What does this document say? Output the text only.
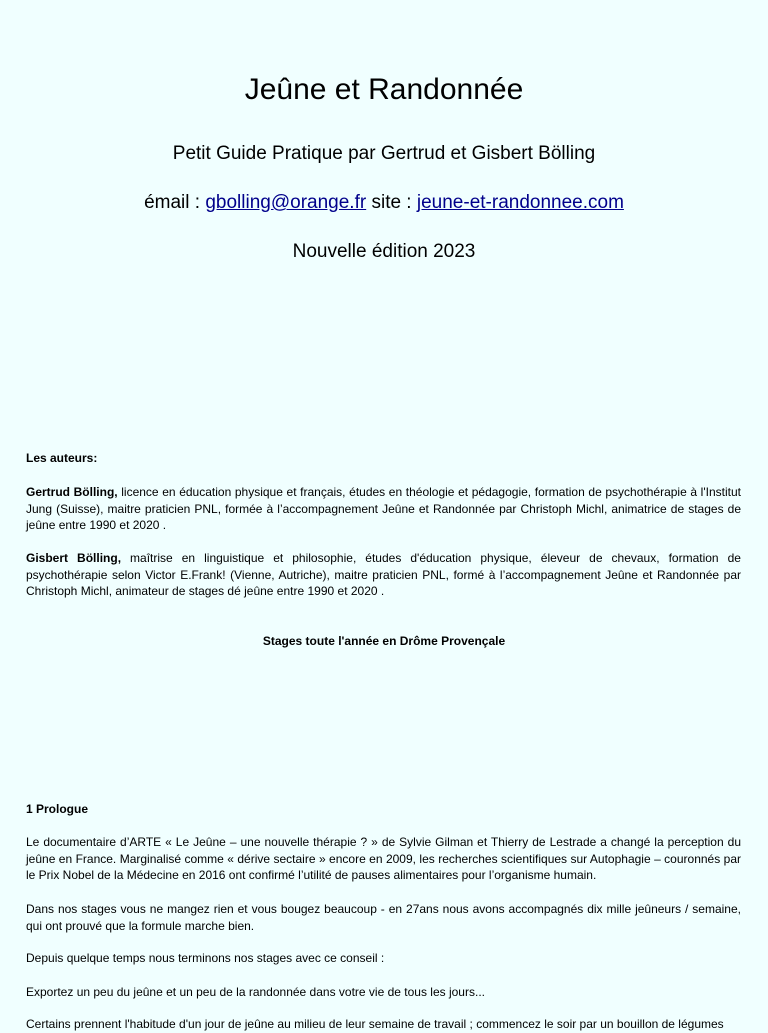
Jeûne et Randonnée
Petit Guide Pratique par Gertrud et Gisbert Bölling
émail : gbolling@orange.fr site : jeune-et-randonnee.com
Nouvelle édition 2023
Les auteurs:
Gertrud Bölling, licence en éducation physique et français, études en théologie et pédagogie, formation de psychothérapie à l'Institut Jung (Suisse), maitre praticien PNL, formée à l’accompagnement Jeûne et Randonnée par Christoph Michl, animatrice de stages de jeûne entre 1990 et 2020 .
Gisbert Bölling, maîtrise en linguistique et philosophie, études d'éducation physique, éleveur de chevaux, formation de psychothérapie selon Victor E.Frank! (Vienne, Autriche), maitre praticien PNL, formé à l’accompagnement Jeûne et Randonnée par Christoph Michl, animateur de stages dé jeûne entre 1990 et 2020 .
Stages toute l'année en Drôme Provençale
1 Prologue
Le documentaire d’ARTE « Le Jeûne – une nouvelle thérapie ? » de Sylvie Gilman et Thierry de Lestrade a changé la perception du jeûne en France. Marginalisé comme « dérive sectaire » encore en 2009, les recherches scientifiques sur Autophagie – couronnés par le Prix Nobel de la Médecine en 2016 ont confirmé l’utilité de pauses alimentaires pour l’organisme humain.
Dans nos stages vous ne mangez rien et vous bougez beaucoup - en 27ans nous avons accompagnés dix mille jeûneurs / semaine, qui ont prouvé que la formule marche bien.
Depuis quelque temps nous terminons nos stages avec ce conseil :
Exportez un peu du jeûne et un peu de la randonnée dans votre vie de tous les jours...
Certains prennent l'habitude d'un jour de jeûne au milieu de leur semaine de travail ; commencez le soir par un bouillon de légumes
